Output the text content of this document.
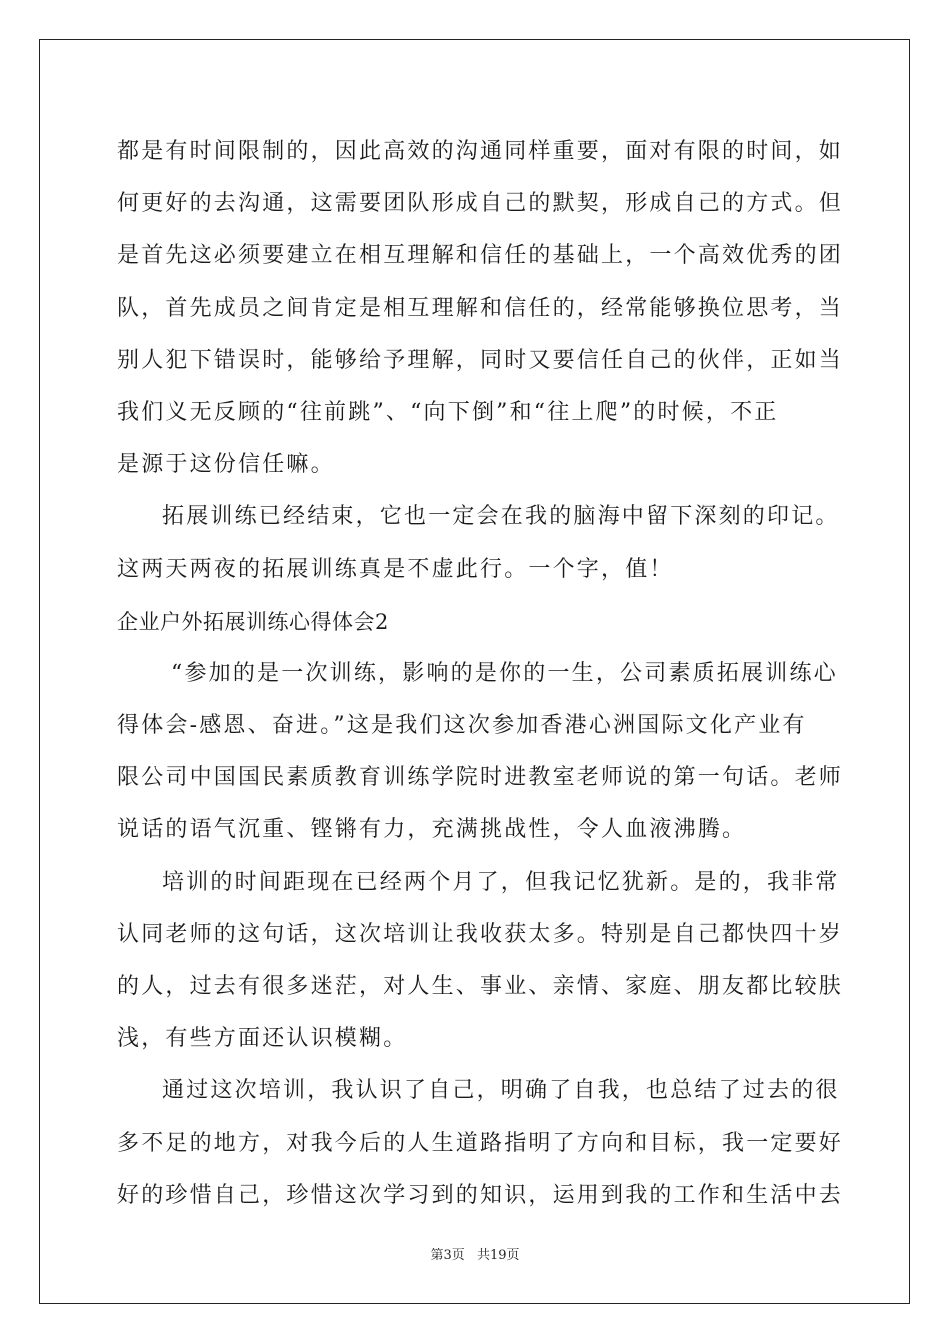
都是有时间限制的，因此高效的沟通同样重要，面对有限的时间，如
何更好的去沟通，这需要团队形成自己的默契，形成自己的方式。但
是首先这必须要建立在相互理解和信任的基础上，一个高效优秀的团
队，首先成员之间肯定是相互理解和信任的，经常能够换位思考，当
别人犯下错误时，能够给予理解，同时又要信任自己的伙伴，正如当
我们义无反顾的“往前跳”、“向下倒”和“往上爬”的时候，不正
是源于这份信任嘛。
拓展训练已经结束，它也一定会在我的脑海中留下深刻的印记。
这两天两夜的拓展训练真是不虚此行。一个字，值！
企业户外拓展训练心得体会2
“参加的是一次训练，影响的是你的一生，公司素质拓展训练心
得体会-感恩、奋进。”这是我们这次参加香港心洲国际文化产业有
限公司中国国民素质教育训练学院时进教室老师说的第一句话。老师
说话的语气沉重、铿锵有力，充满挑战性，令人血液沸腾。
培训的时间距现在已经两个月了，但我记忆犹新。是的，我非常
认同老师的这句话，这次培训让我收获太多。特别是自己都快四十岁
的人，过去有很多迷茫，对人生、事业、亲情、家庭、朋友都比较肤
浅，有些方面还认识模糊。
通过这次培训，我认识了自己，明确了自我，也总结了过去的很
多不足的地方，对我今后的人生道路指明了方向和目标，我一定要好
好的珍惜自己，珍惜这次学习到的知识，运用到我的工作和生活中去
第3页 共19页
